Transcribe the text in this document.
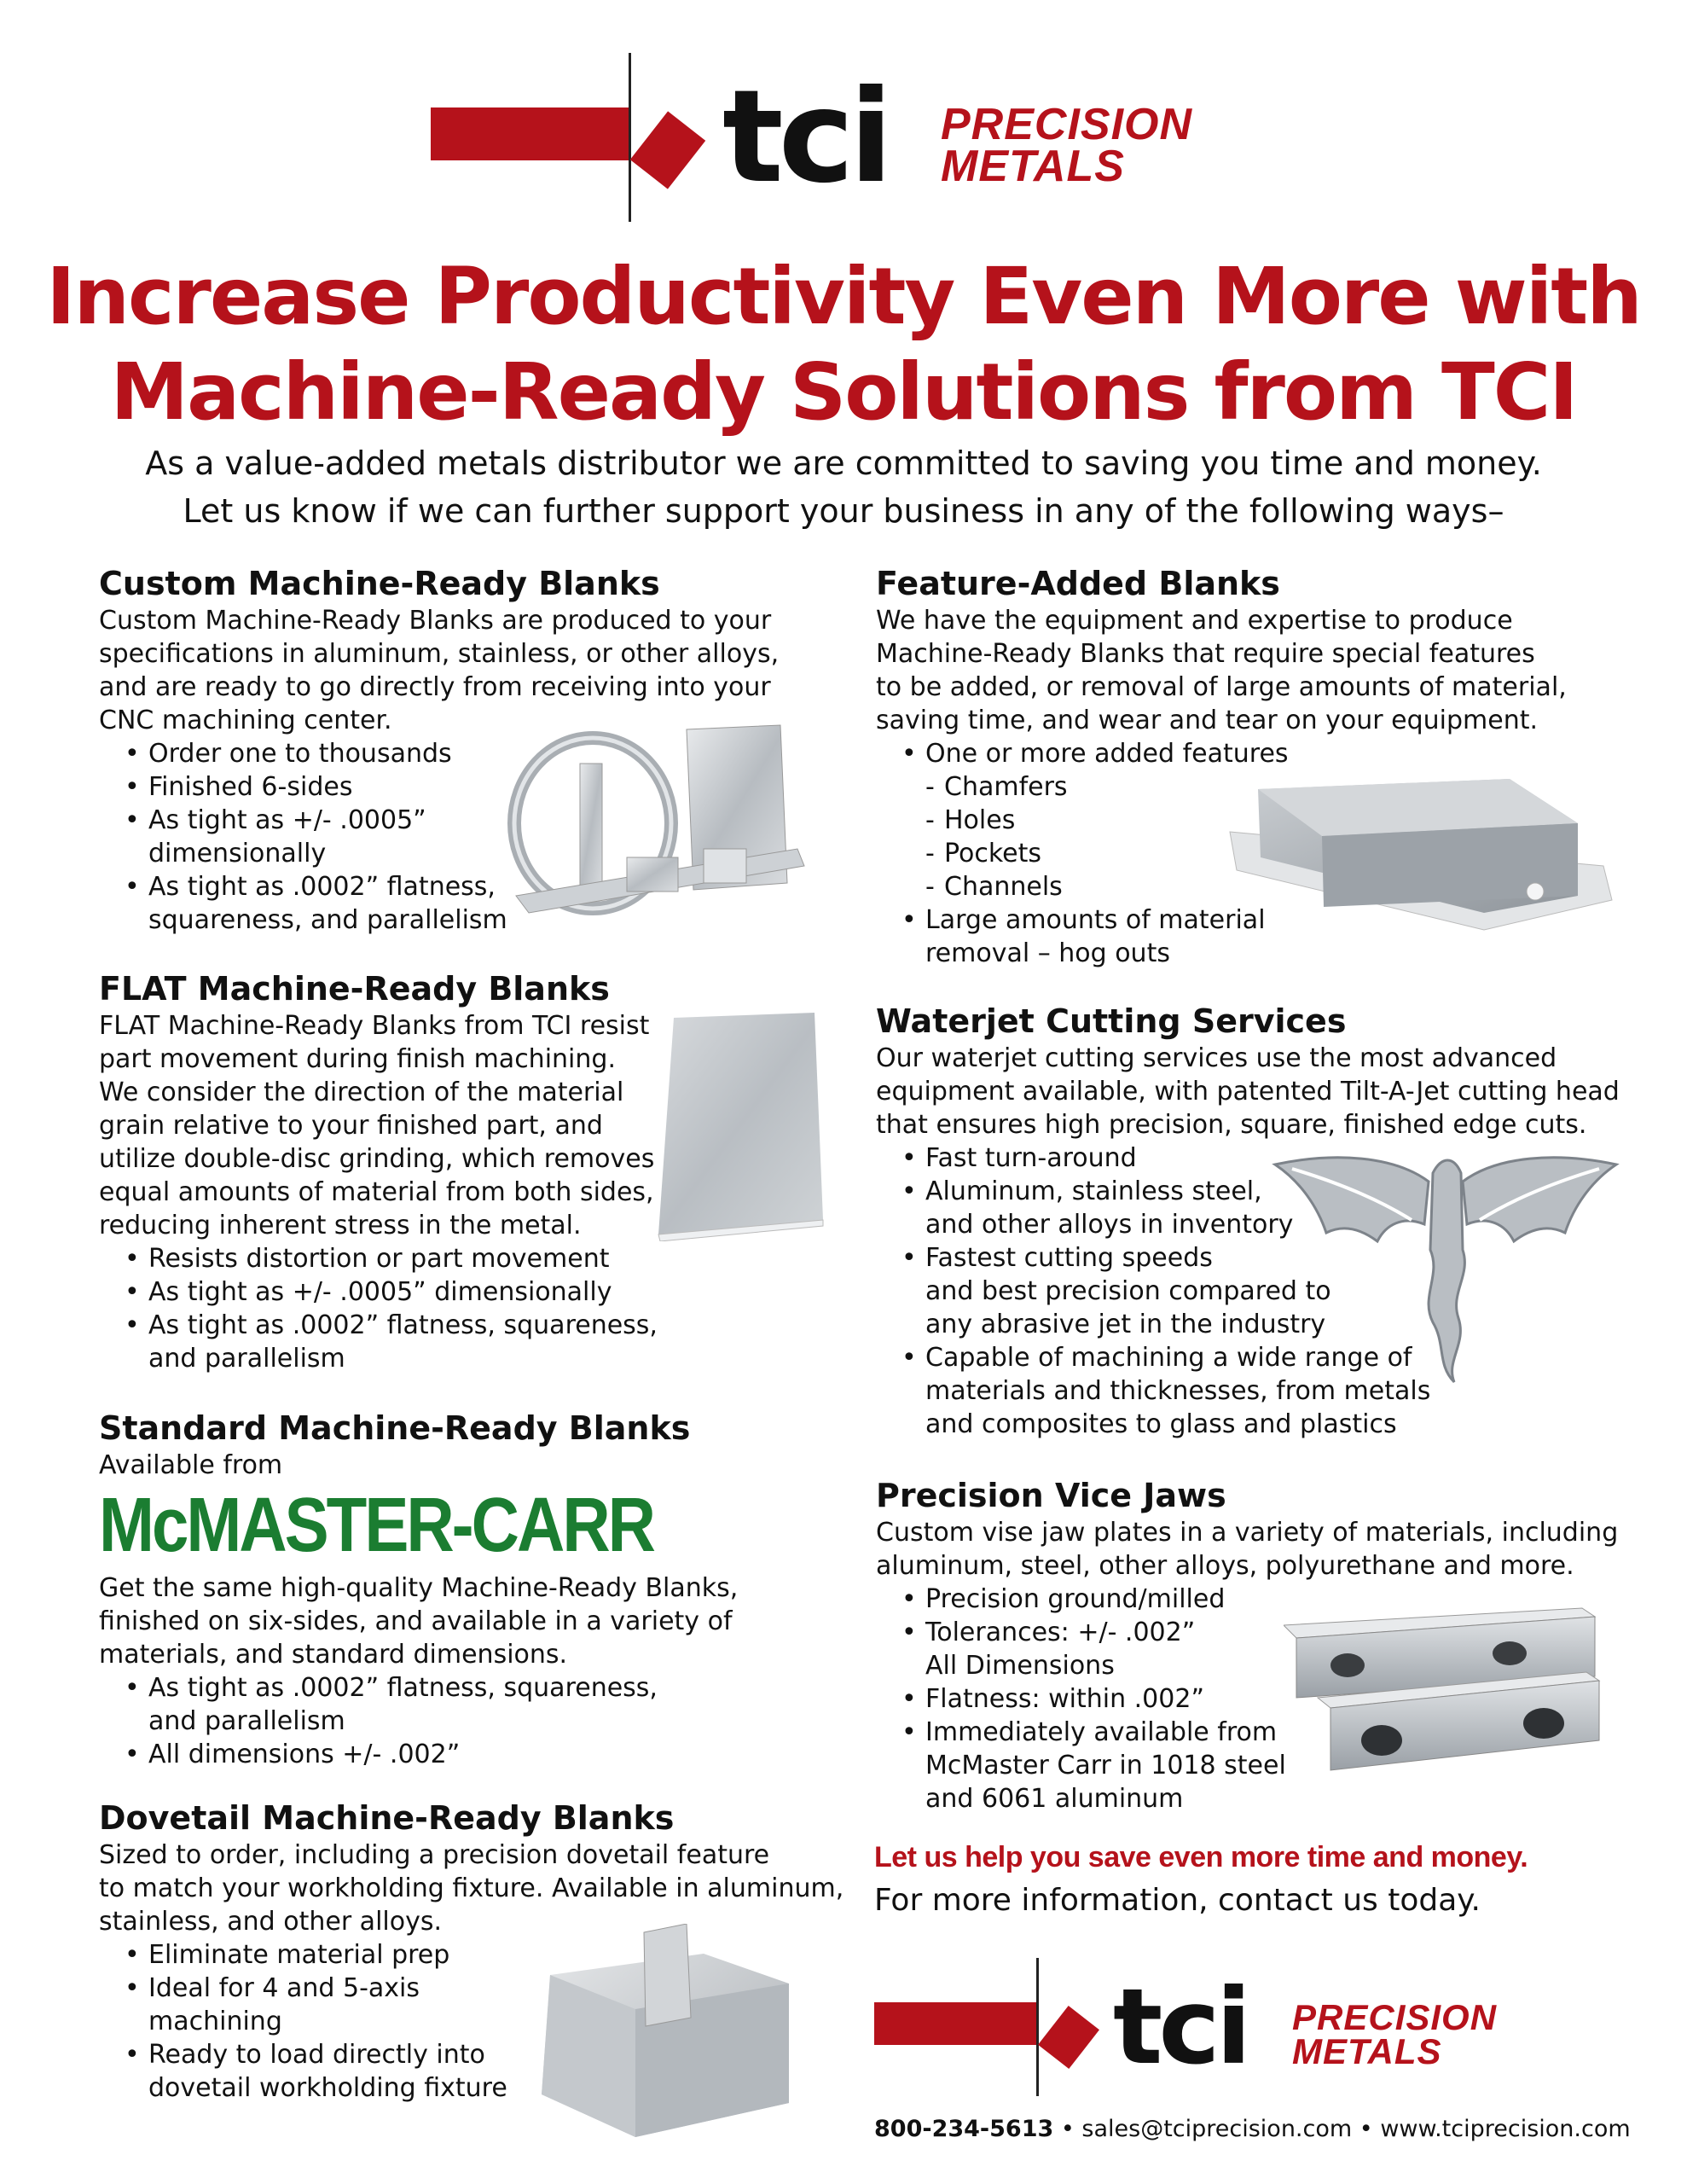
tci PRECISION
METALS
Increase Productivity Even More with
Machine-Ready Solutions from TCI
As a value-added metals distributor we are committed to saving you time and money.
Let us know if we can further support your business in any of the following ways–
Custom Machine-Ready Blanks

Custom Machine-Ready Blanks are produced to your

specifications in aluminum, stainless, or other alloys,

and are ready to go directly from receiving into your

CNC machining center.

• Order one to thousands
• Finished 6-sides
• As tight as +/- .0005”

dimensionally

• As tight as .0002” flatness,

squareness, and parallelism

FLAT Machine-Ready Blanks

FLAT Machine-Ready Blanks from TCI resist

part movement during finish machining.

We consider the direction of the material

grain relative to your finished part, and

utilize double-disc grinding, which removes

equal amounts of material from both sides,

reducing inherent stress in the metal.

• Resists distortion or part movement
• As tight as +/- .0005” dimensionally
• As tight as .0002” flatness, squareness,

and parallelism

Standard Machine-Ready Blanks

Available from

McMASTER-CARR

Get the same high-quality Machine-Ready Blanks,

finished on six-sides, and available in a variety of

materials, and standard dimensions.

• As tight as .0002” flatness, squareness,

and parallelism

• All dimensions +/- .002”
Dovetail Machine-Ready Blanks

Sized to order, including a precision dovetail feature

to match your workholding fixture. Available in aluminum,

stainless, and other alloys.

• Eliminate material prep
• Ideal for 4 and 5-axis

machining

• Ready to load directly into

dovetail workholding fixture

Feature-Added Blanks

We have the equipment and expertise to produce

Machine-Ready Blanks that require special features

to be added, or removal of large amounts of material,

saving time, and wear and tear on your equipment.

• One or more added features
- Chamfers
- Holes
- Pockets
- Channels
• Large amounts of material

removal – hog outs

Waterjet Cutting Services

Our waterjet cutting services use the most advanced

equipment available, with patented Tilt-A-Jet cutting head

that ensures high precision, square, finished edge cuts.

• Fast turn-around
• Aluminum, stainless steel,

and other alloys in inventory

• Fastest cutting speeds

and best precision compared to

any abrasive jet in the industry

• Capable of machining a wide range of

materials and thicknesses, from metals

and composites to glass and plastics

Precision Vice Jaws

Custom vise jaw plates in a variety of materials, including

aluminum, steel, other alloys, polyurethane and more.

• Precision ground/milled
• Tolerances: +/- .002”

All Dimensions

• Flatness: within .002”
• Immediately available from

McMaster Carr in 1018 steel

and 6061 aluminum

Let us help you save even more time and money.
For more information, contact us today.
tci PRECISION
METALS
800-234-5613 • sales@tciprecision.com • www.tciprecision.com
